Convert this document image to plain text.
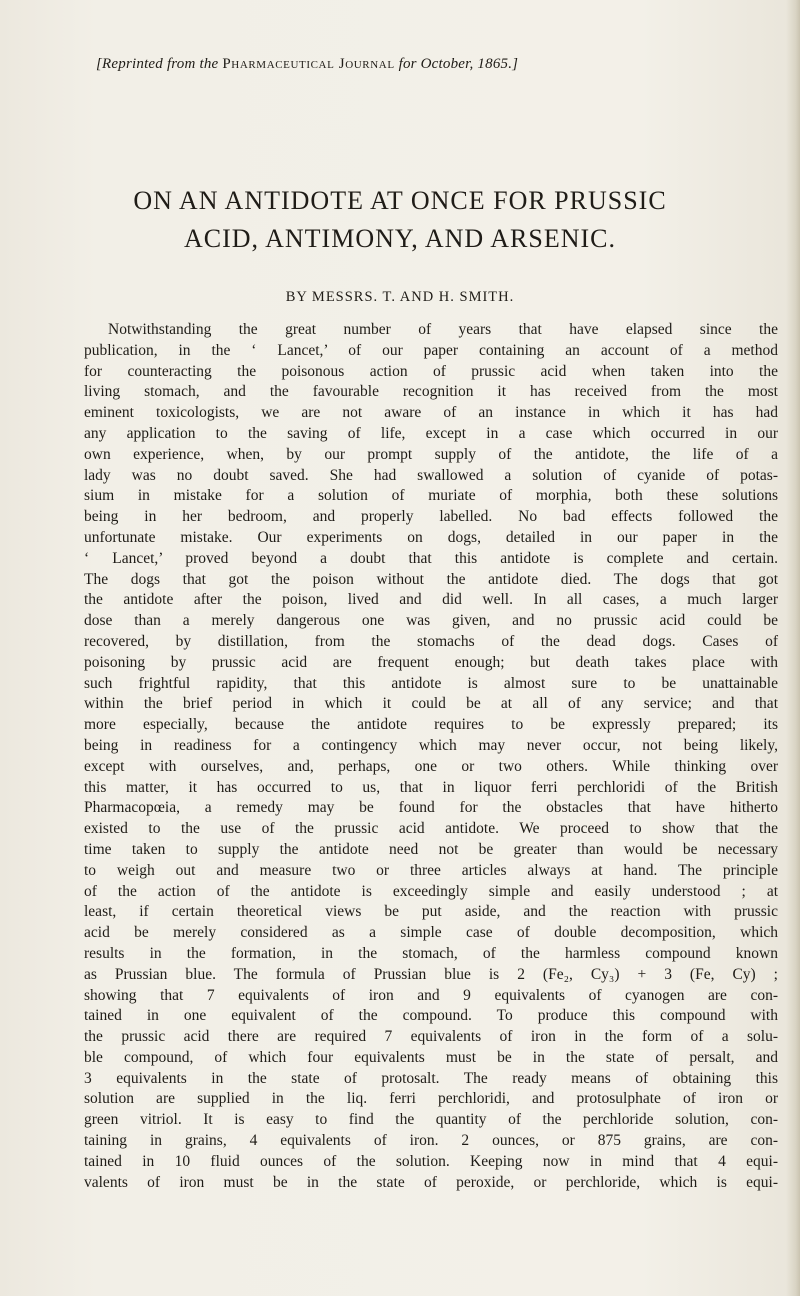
[Reprinted from the Pharmaceutical Journal for October, 1865.]
ON AN ANTIDOTE AT ONCE FOR PRUSSIC
ACID, ANTIMONY, AND ARSENIC.
BY MESSRS. T. AND H. SMITH.
Notwithstanding the great number of years that have elapsed since the
publication, in the ‘ Lancet,’ of our paper containing an account of a method
for counteracting the poisonous action of prussic acid when taken into the
living stomach, and the favourable recognition it has received from the most
eminent toxicologists, we are not aware of an instance in which it has had
any application to the saving of life, except in a case which occurred in our
own experience, when, by our prompt supply of the antidote, the life of a
lady was no doubt saved. She had swallowed a solution of cyanide of potas-
sium in mistake for a solution of muriate of morphia, both these solutions
being in her bedroom, and properly labelled. No bad effects followed the
unfortunate mistake. Our experiments on dogs, detailed in our paper in the
‘ Lancet,’ proved beyond a doubt that this antidote is complete and certain.
The dogs that got the poison without the antidote died. The dogs that got
the antidote after the poison, lived and did well. In all cases, a much larger
dose than a merely dangerous one was given, and no prussic acid could be
recovered, by distillation, from the stomachs of the dead dogs. Cases of
poisoning by prussic acid are frequent enough; but death takes place with
such frightful rapidity, that this antidote is almost sure to be unattainable
within the brief period in which it could be at all of any service; and that
more especially, because the antidote requires to be expressly prepared; its
being in readiness for a contingency which may never occur, not being likely,
except with ourselves, and, perhaps, one or two others. While thinking over
this matter, it has occurred to us, that in liquor ferri perchloridi of the British
Pharmacopœia, a remedy may be found for the obstacles that have hitherto
existed to the use of the prussic acid antidote. We proceed to show that the
time taken to supply the antidote need not be greater than would be necessary
to weigh out and measure two or three articles always at hand. The principle
of the action of the antidote is exceedingly simple and easily understood ; at
least, if certain theoretical views be put aside, and the reaction with prussic
acid be merely considered as a simple case of double decomposition, which
results in the formation, in the stomach, of the harmless compound known
as Prussian blue. The formula of Prussian blue is 2 (Fe₂, Cy₃) + 3 (Fe, Cy) ;
showing that 7 equivalents of iron and 9 equivalents of cyanogen are con-
tained in one equivalent of the compound. To produce this compound with
the prussic acid there are required 7 equivalents of iron in the form of a solu-
ble compound, of which four equivalents must be in the state of persalt, and
3 equivalents in the state of protosalt. The ready means of obtaining this
solution are supplied in the liq. ferri perchloridi, and protosulphate of iron or
green vitriol. It is easy to find the quantity of the perchloride solution, con-
taining in grains, 4 equivalents of iron. 2 ounces, or 875 grains, are con-
tained in 10 fluid ounces of the solution. Keeping now in mind that 4 equi-
valents of iron must be in the state of peroxide, or perchloride, which is equi-
